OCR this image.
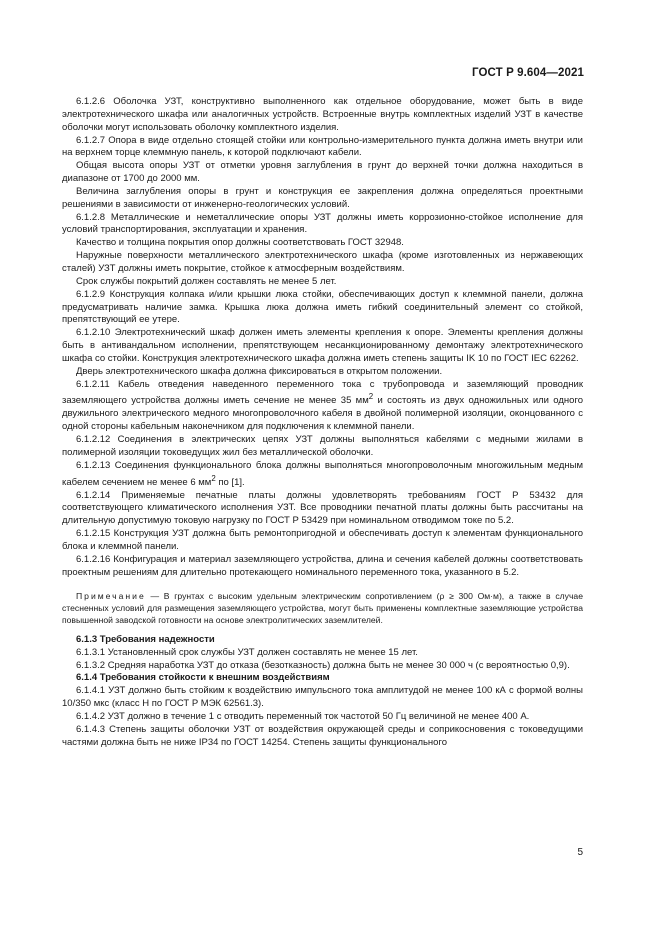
ГОСТ Р 9.604—2021

6.1.2.6 Оболочка УЗТ, конструктивно выполненного как отдельное оборудование, может быть в виде электротехнического шкафа или аналогичных устройств. Встроенные внутрь комплектных изделий УЗТ в качестве оболочки могут использовать оболочку комплектного изделия.

6.1.2.7 Опора в виде отдельно стоящей стойки или контрольно-измерительного пункта должна иметь внутри или на верхнем торце клеммную панель, к которой подключают кабели.

Общая высота опоры УЗТ от отметки уровня заглубления в грунт до верхней точки должна находиться в диапазоне от 1700 до 2000 мм.

Величина заглубления опоры в грунт и конструкция ее закрепления должна определяться проектными решениями в зависимости от инженерно-геологических условий.

6.1.2.8 Металлические и неметаллические опоры УЗТ должны иметь коррозионно-стойкое исполнение для условий транспортирования, эксплуатации и хранения.

Качество и толщина покрытия опор должны соответствовать ГОСТ 32948.

Наружные поверхности металлического электротехнического шкафа (кроме изготовленных из нержавеющих сталей) УЗТ должны иметь покрытие, стойкое к атмосферным воздействиям.

Срок службы покрытий должен составлять не менее 5 лет.

6.1.2.9 Конструкция колпака и/или крышки люка стойки, обеспечивающих доступ к клеммной панели, должна предусматривать наличие замка. Крышка люка должна иметь гибкий соединительный элемент со стойкой, препятствующий ее утере.

6.1.2.10 Электротехнический шкаф должен иметь элементы крепления к опоре. Элементы крепления должны быть в антивандальном исполнении, препятствующем несанкционированному демонтажу электротехнического шкафа со стойки. Конструкция электротехнического шкафа должна иметь степень защиты IK 10 по ГОСТ IEC 62262.

Дверь электротехнического шкафа должна фиксироваться в открытом положении.

6.1.2.11 Кабель отведения наведенного переменного тока с трубопровода и заземляющий проводник заземляющего устройства должны иметь сечение не менее 35 $мм^2$ и состоять из двух одножильных или одного двужильного электрического медного многопроволочного кабеля в двойной полимерной изоляции, оконцованного с одной стороны кабельным наконечником для подключения к клеммной панели.

6.1.2.12 Соединения в электрических цепях УЗТ должны выполняться кабелями с медными жилами в полимерной изоляции токоведущих жил без металлической оболочки.

6.1.2.13 Соединения функционального блока должны выполняться многопроволочным многожильным медным кабелем сечением не менее 6 $мм^2$ по [1].

6.1.2.14 Применяемые печатные платы должны удовлетворять требованиям ГОСТ Р 53432 для соответствующего климатического исполнения УЗТ. Все проводники печатной платы должны быть рассчитаны на длительную допустимую токовую нагрузку по ГОСТ Р 53429 при номинальном отводимом токе по 5.2.

6.1.2.15 Конструкция УЗТ должна быть ремонтопригодной и обеспечивать доступ к элементам функционального блока и клеммной панели.

6.1.2.16 Конфигурация и материал заземляющего устройства, длина и сечения кабелей должны соответствовать проектным решениям для длительно протекающего номинального переменного тока, указанного в 5.2.

Примечание — В грунтах с высоким удельным электрическим сопротивлением (ρ ≥ 300 Ом·м), а также в случае стесненных условий для размещения заземляющего устройства, могут быть применены комплектные заземляющие устройства повышенной заводской готовности на основе электролитических заземлителей.

6.1.3 Требования надежности

6.1.3.1 Установленный срок службы УЗТ должен составлять не менее 15 лет.

6.1.3.2 Средняя наработка УЗТ до отказа (безотказность) должна быть не менее 30 000 ч (с вероятностью 0,9).

6.1.4 Требования стойкости к внешним воздействиям

6.1.4.1 УЗТ должно быть стойким к воздействию импульсного тока амплитудой не менее 100 кА с формой волны 10/350 мкс (класс Н по ГОСТ Р МЭК 62561.3).

6.1.4.2 УЗТ должно в течение 1 с отводить переменный ток частотой 50 Гц величиной не менее 400 А.

6.1.4.3 Степень защиты оболочки УЗТ от воздействия окружающей среды и соприкосновения с токоведущими частями должна быть не ниже IP34 по ГОСТ 14254. Степень защиты функционального

5
